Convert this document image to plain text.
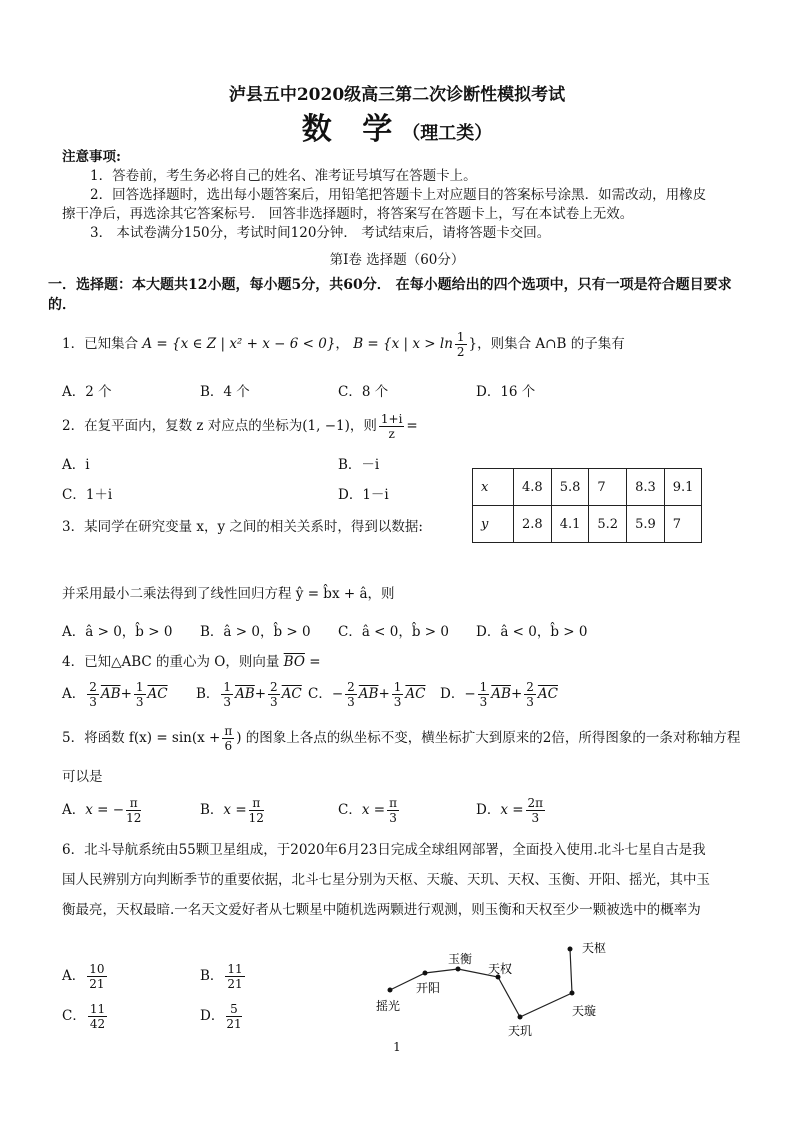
泸县五中2020级高三第二次诊断性模拟考试
数 学（理工类）
注意事项:
1．答卷前，考生务必将自己的姓名、准考证号填写在答题卡上。
2．回答选择题时，选出每小题答案后，用铅笔把答题卡上对应题目的答案标号涂黑．如需改动，用橡皮
擦干净后，再选涂其它答案标号． 回答非选择题时，将答案写在答题卡上，写在本试卷上无效。
3． 本试卷满分150分，考试时间120分钟． 考试结束后，请将答题卡交回。
第Ⅰ卷 选择题（60分）
一．选择题：本大题共12小题，每小题5分，共60分． 在每小题给出的四个选项中，只有一项是符合题目要求
的．
1．已知集合 A = {x ∈ Z | x² + x − 6 < 0}， B = {x | $x > \ln \frac{1}{2}$ }，则集合 A∩B 的子集有
A．2 个	B．4 个	C．8 个	D．16 个
2．在复平面内，复数 z 对应点的坐标为(1, −1)，则 $\frac{1+i}{z}$ =
A．i	B．－i
C．1＋i	D．1－i	x	4.8	5.8	7	8.3	9.1
y	2.8	4.1	5.2	5.9	7
3．某同学在研究变量 x，y 之间的相关关系时，得到以数据:
并采用最小二乘法得到了线性回归方程 ŷ = b̂x + â，则
A．â > 0，b̂ > 0 B．â > 0，b̂ > 0 C．â < 0，b̂ > 0 D．â < 0，b̂ > 0
4．已知△ABC 的重心为 O，则向量 $\overline{BO}$ =
A． $\frac{2}{3} \overline{AB}+ \frac{1}{3} \overline{AC}$ B． $\frac{1}{3} \overline{AB}+ \frac{2}{3} \overline{AC}$ C．− $\frac{2}{3} \overline{AB}+ \frac{1}{3} \overline{AC}$ D．− $\frac{1}{3} \overline{AB}+ \frac{2}{3} \overline{AC}$
5．将函数 $f(x) = \sin(x + \frac{\pi}{6}$ ) 的图象上各点的纵坐标不变，横坐标扩大到原来的2倍，所得图象的一条对称轴方程
可以是
A．x = − $\frac{\pi}{12}$	B．$x = \frac{\pi}{12}$	C．$x = \frac{\pi}{3}$	D．$x = \frac{2\pi}{3}$
6．北斗导航系统由55颗卫星组成，于2020年6月23日完成全球组网部署，全面投入使用.北斗七星自古是我
国人民辨别方向判断季节的重要依据，北斗七星分别为天枢、天璇、天玑、天权、玉衡、开阳、摇光，其中玉
衡最亮，天权最暗.一名天文爱好者从七颗星中随机选两颗进行观测，则玉衡和天权至少一颗被选中的概率为
A． $\frac{10}{21}$	B． $\frac{11}{21}$
C． $\frac{11}{42}$	D． $\frac{5}{21}$
天枢
天璇
天玑
天权
玉衡
开阳
摇光
1
